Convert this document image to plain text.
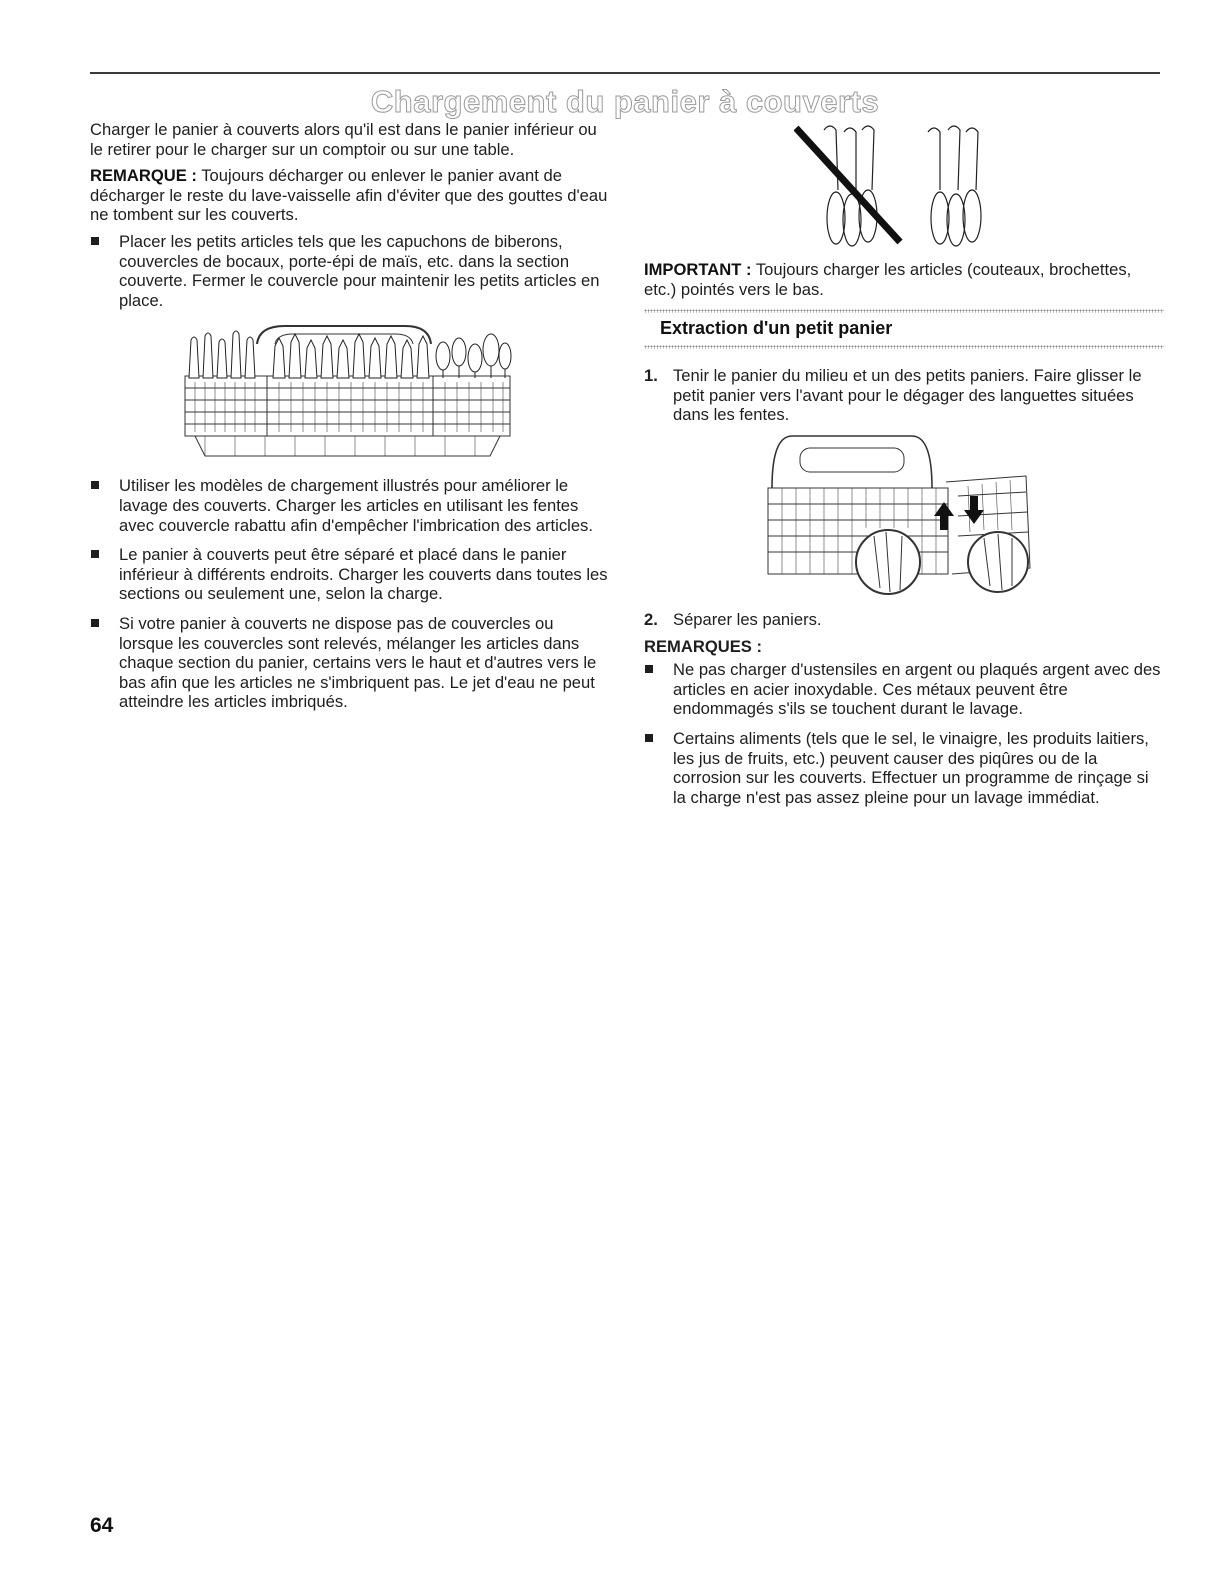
Chargement du panier à couverts

Charger le panier à couverts alors qu'il est dans le panier inférieur ou le retirer pour le charger sur un comptoir ou sur une table.

REMARQUE : Toujours décharger ou enlever le panier avant de décharger le reste du lave-vaisselle afin d'éviter que des gouttes d'eau ne tombent sur les couverts.

Placer les petits articles tels que les capuchons de biberons, couvercles de bocaux, porte-épi de maïs, etc. dans la section couverte. Fermer le couvercle pour maintenir les petits articles en place.
Utiliser les modèles de chargement illustrés pour améliorer le lavage des couverts. Charger les articles en utilisant les fentes avec couvercle rabattu afin d'empêcher l'imbrication des articles.
Le panier à couverts peut être séparé et placé dans le panier inférieur à différents endroits. Charger les couverts dans toutes les sections ou seulement une, selon la charge.
Si votre panier à couverts ne dispose pas de couvercles ou lorsque les couvercles sont relevés, mélanger les articles dans chaque section du panier, certains vers le haut et d'autres vers le bas afin que les articles ne s'imbriquent pas. Le jet d'eau ne peut atteindre les articles imbriqués.

IMPORTANT : Toujours charger les articles (couteaux, brochettes, etc.) pointés vers le bas.

Extraction d'un petit panier
1. Tenir le panier du milieu et un des petits paniers. Faire glisser le petit panier vers l'avant pour le dégager des languettes situées dans les fentes.
2. Séparer les paniers.
REMARQUES :
Ne pas charger d'ustensiles en argent ou plaqués argent avec des articles en acier inoxydable. Ces métaux peuvent être endommagés s'ils se touchent durant le lavage.
Certains aliments (tels que le sel, le vinaigre, les produits laitiers, les jus de fruits, etc.) peuvent causer des piqûres ou de la corrosion sur les couverts. Effectuer un programme de rinçage si la charge n'est pas assez pleine pour un lavage immédiat.
64
